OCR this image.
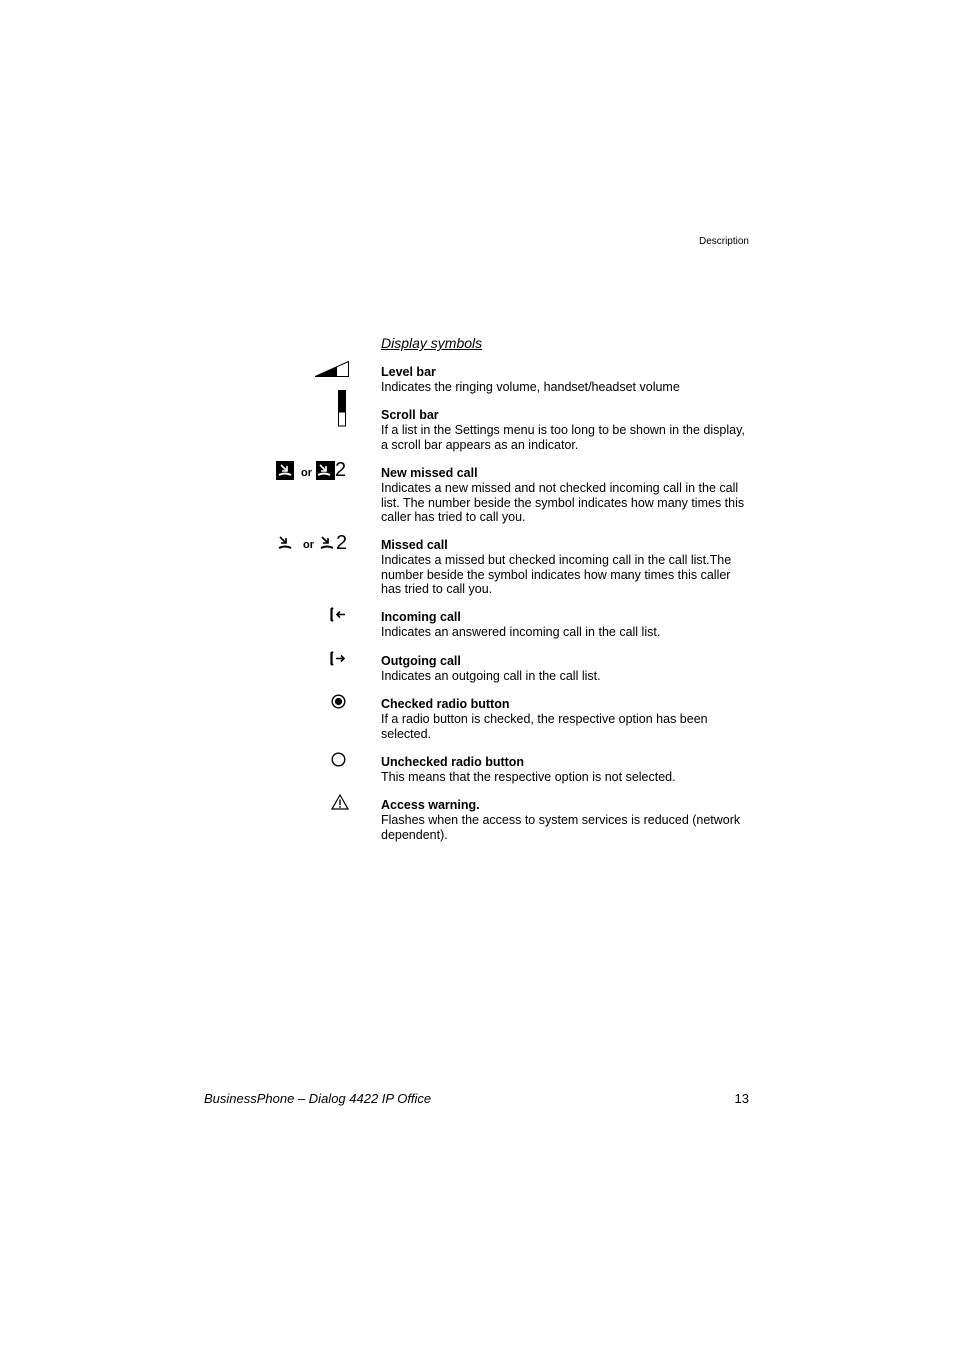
Description
Display symbols
Level bar
Indicates the ringing volume, handset/headset volume
Scroll bar
If a list in the Settings menu is too long to be shown in the display, a scroll bar appears as an indicator.
or 2	New missed call
Indicates a new missed and not checked incoming call in the call list. The number beside the symbol indicates how many times this caller has tried to call you.
or 2	Missed call
Indicates a missed but checked incoming call in the call list.The number beside the symbol indicates how many times this caller has tried to call you.
Incoming call
Indicates an answered incoming call in the call list.
Outgoing call
Indicates an outgoing call in the call list.
Checked radio button
If a radio button is checked, the respective option has been selected.
Unchecked radio button
This means that the respective option is not selected.
Access warning.
Flashes when the access to system services is reduced (network dependent).
BusinessPhone – Dialog 4422 IP Office	13
